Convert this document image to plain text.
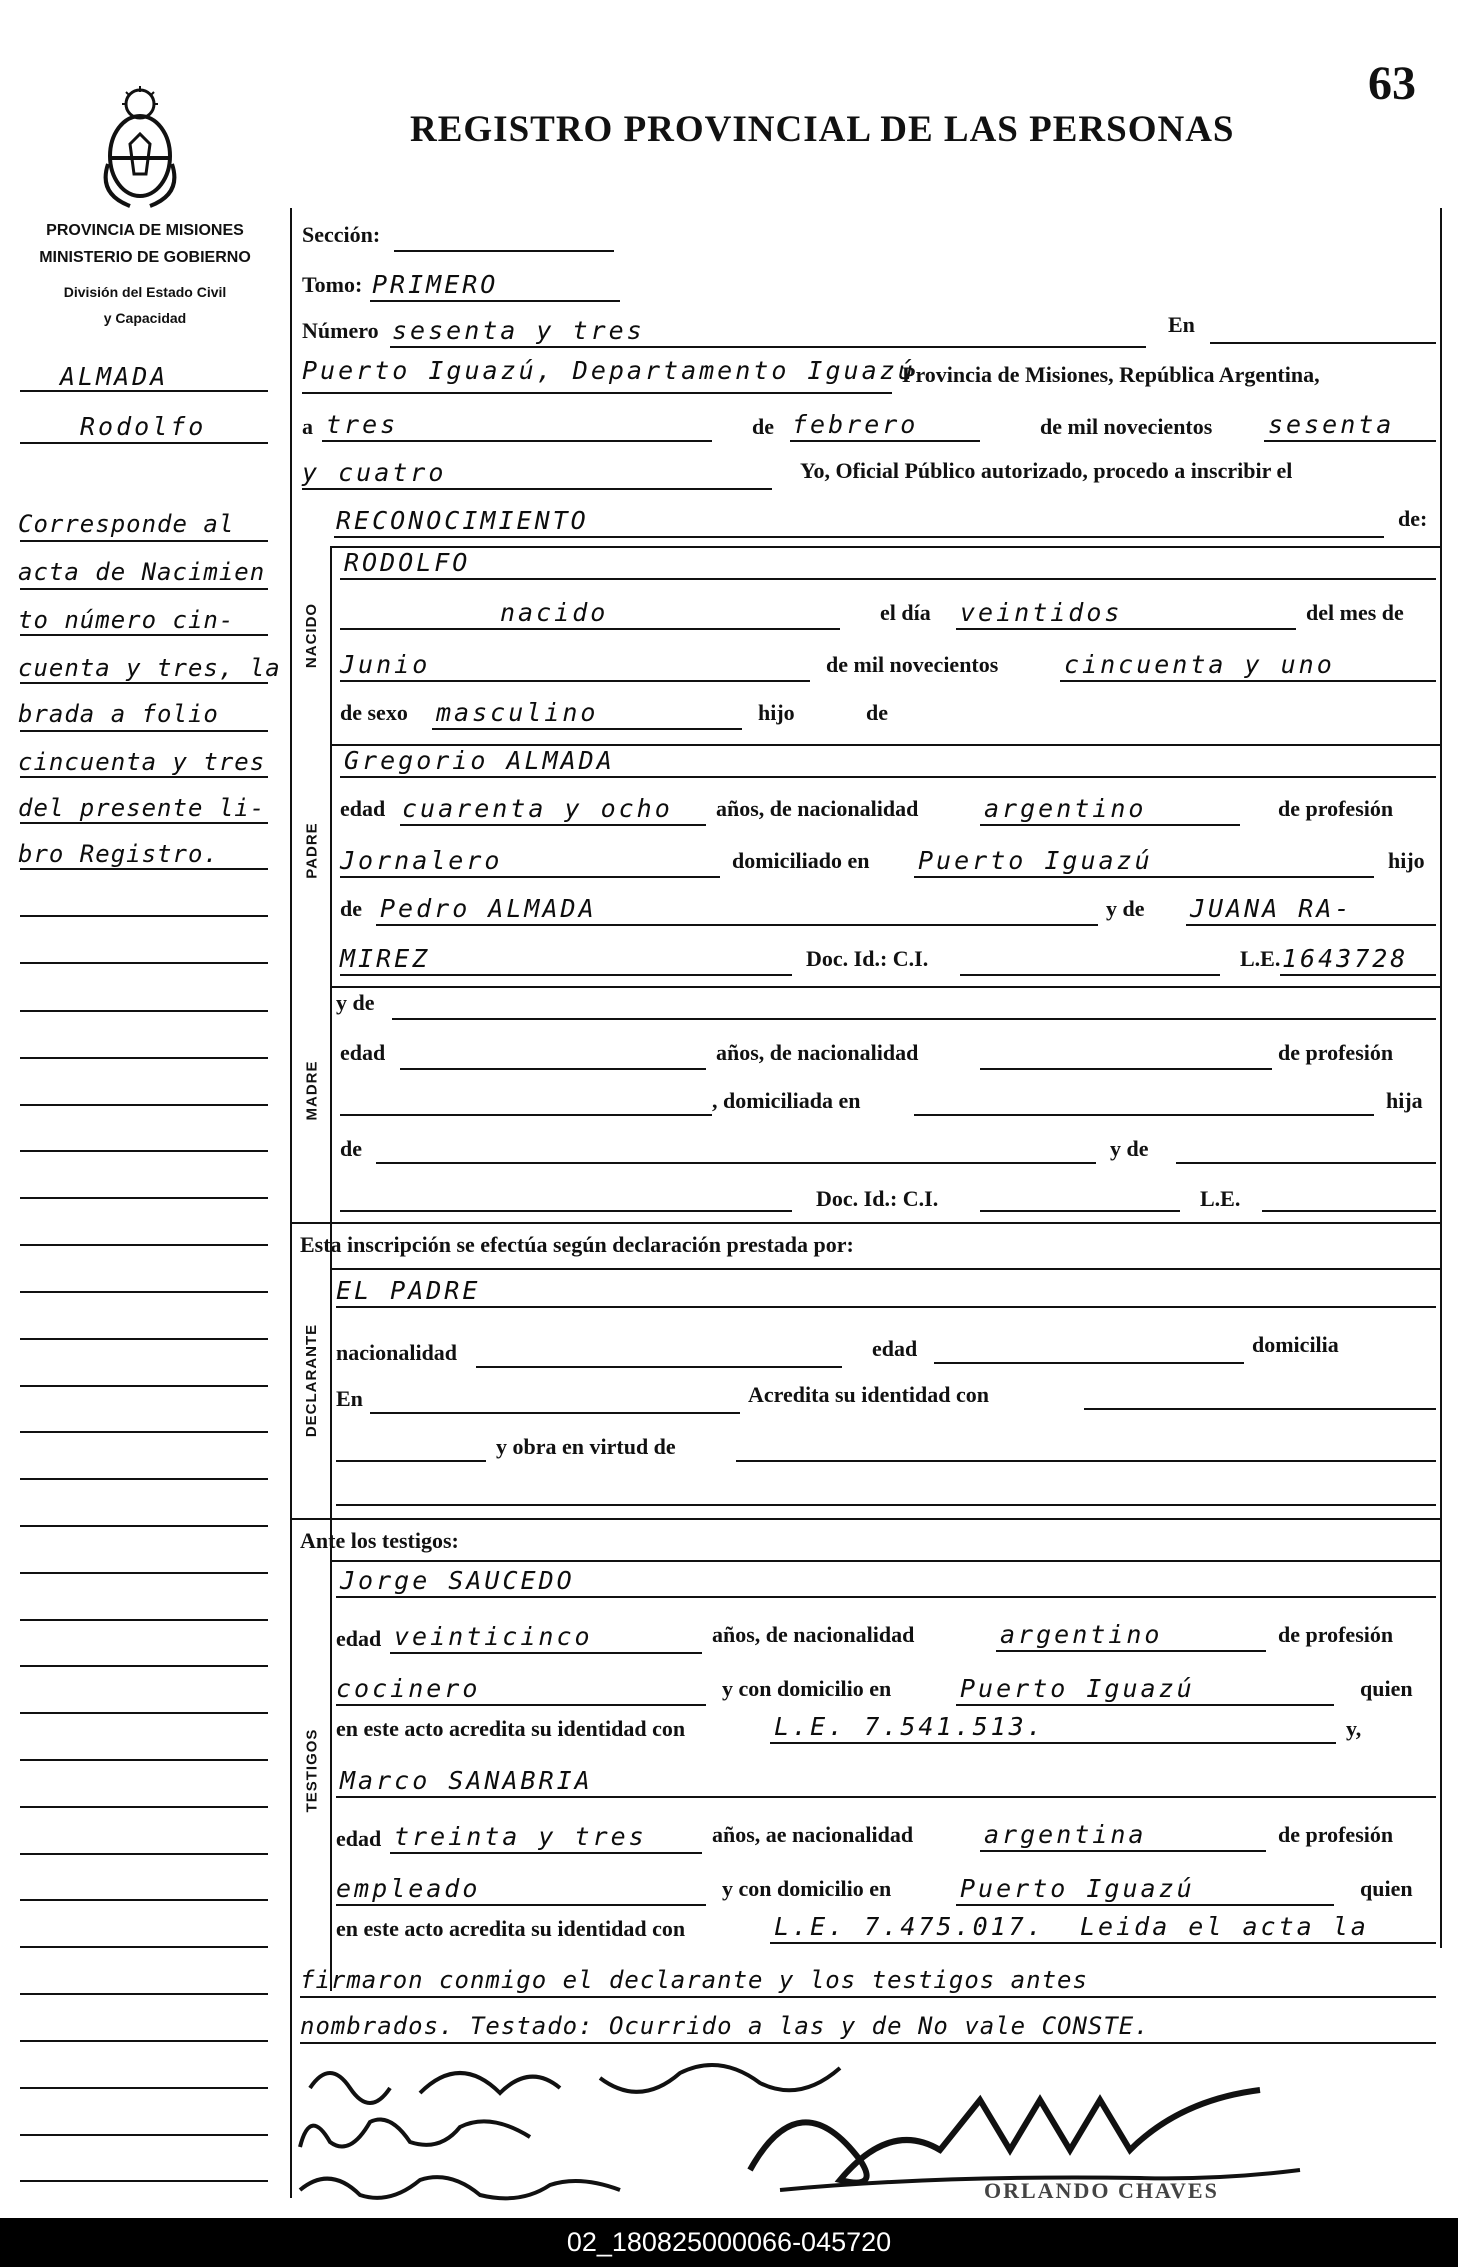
63
REGISTRO PROVINCIAL DE LAS PERSONAS
PROVINCIA DE MISIONES
MINISTERIO DE GOBIERNO
División del Estado Civil
y Capacidad
ALMADA
Rodolfo
Corresponde al
acta de Nacimien
to número cin-
cuenta y tres, la
brada a folio
cincuenta y tres
del presente li-
bro Registro.
NACIDO
PADRE
MADRE
DECLARANTE
TESTIGOS
Sección:
Tomo: PRIMERO
Número sesenta y tres	En
Puerto Iguazú, Departamento Iguazú
Provincia de Misiones, República Argentina,
a tres	de febrero	de mil novecientos sesenta
y cuatro	Yo, Oficial Público autorizado, procedo a inscribir el
RECONOCIMIENTO	de:
RODOLFO
nacido	el día veintidos	del mes de
Junio	de mil novecientos	cincuenta y uno
de sexo masculino	hijo	de
Gregorio ALMADA
edad cuarenta y ocho años, de nacionalidad	argentino	de profesión
Jornalero	domiciliado en Puerto Iguazú	hijo
de Pedro ALMADA	y de JUANA RA-
MIREZ	Doc. Id.: C.I.	L.E. 1643728
y de
edad	años, de nacionalidad	de profesión
, domiciliada en	hija
de	y de
Doc. Id.: C.I.	L.E.
Esta inscripción se efectúa según declaración prestada por:
EL PADRE
nacionalidad	edad	domicilia
En	Acredita su identidad con
y obra en virtud de
Ante los testigos:
Jorge SAUCEDO
edad veinticinco	años, de nacionalidad	argentino	de profesión
cocinero	y con domicilio en	Puerto Iguazú	quien
en este acto acredita su identidad con	L.E. 7.541.513.	y,
Marco SANABRIA
edad treinta y tres	años, ae nacionalidad	argentina	de profesión
empleado	y con domicilio en	Puerto Iguazú	quien
en este acto acredita su identidad con	L.E. 7.475.017. Leida el acta la
firmaron conmigo el declarante y los testigos antes
nombrados. Testado: Ocurrido a las y de No vale CONSTE.
ORLANDO CHAVES
02_180825000066-045720
